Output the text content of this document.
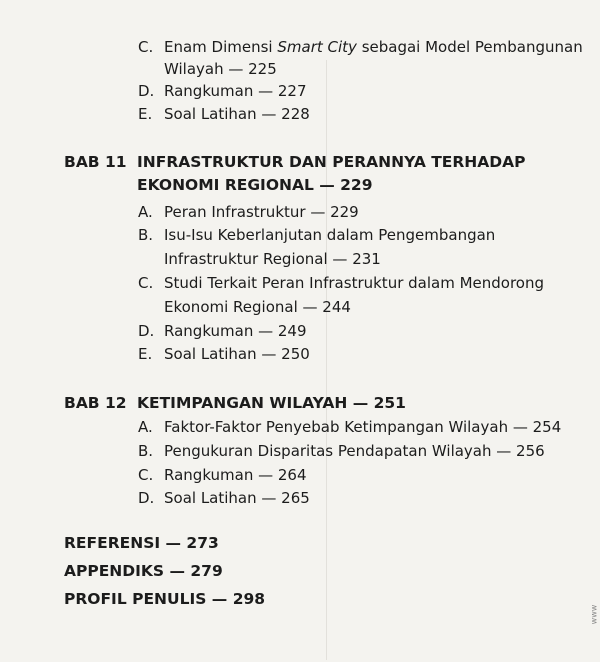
C. Enam Dimensi Smart City sebagai Model Pembangunan
Wilayah — 225
D. Rangkuman — 227
E. Soal Latihan — 228
BAB 11 INFRASTRUKTUR DAN PERANNYA TERHADAP
EKONOMI REGIONAL — 229
A. Peran Infrastruktur — 229
B. Isu-Isu Keberlanjutan dalam Pengembangan
Infrastruktur Regional — 231
C. Studi Terkait Peran Infrastruktur dalam Mendorong
Ekonomi Regional — 244
D. Rangkuman — 249
E. Soal Latihan — 250
BAB 12 KETIMPANGAN WILAYAH — 251
A. Faktor-Faktor Penyebab Ketimpangan Wilayah — 254
B. Pengukuran Disparitas Pendapatan Wilayah — 256
C. Rangkuman — 264
D. Soal Latihan — 265
REFERENSI — 273
APPENDIKS — 279
PROFIL PENULIS — 298
www
